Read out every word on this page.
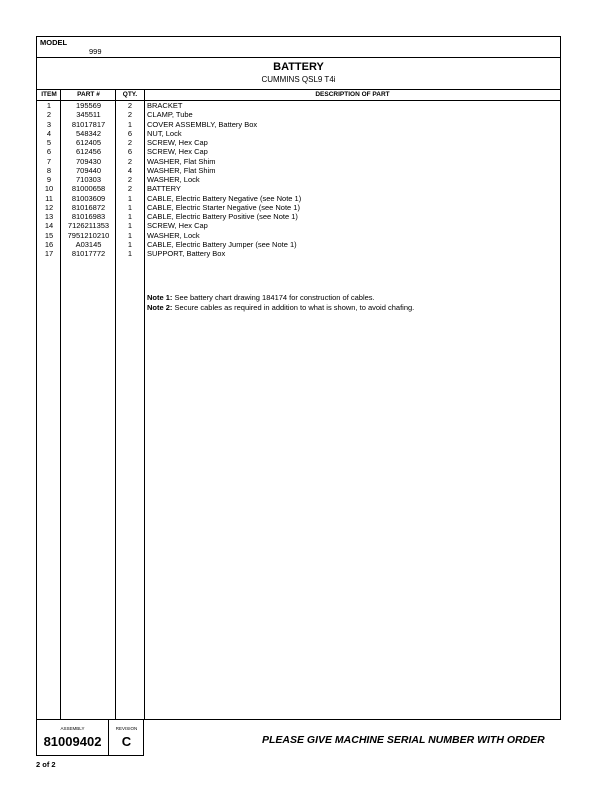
MODEL
999
BATTERY
CUMMINS QSL9 T4i
ITEM	PART #	QTY.	DESCRIPTION OF PART
1	195569	2	BRACKET
2	345511	2	CLAMP, Tube
3	81017817	1	COVER ASSEMBLY, Battery Box
4	548342	6	NUT, Lock
5	612405	2	SCREW, Hex Cap
6	612456	6	SCREW, Hex Cap
7	709430	2	WASHER, Flat Shim
8	709440	4	WASHER, Flat Shim
9	710303	2	WASHER, Lock
10	81000658	2	BATTERY
11	81003609	1	CABLE, Electric Battery Negative (see Note 1)
12	81016872	1	CABLE, Electric Starter Negative (see Note 1)
13	81016983	1	CABLE, Electric Battery Positive (see Note 1)
14	7126211353	1	SCREW, Hex Cap
15	7951210210	1	WASHER, Lock
16	A03145	1	CABLE, Electric Battery Jumper (see Note 1)
17	81017772	1	SUPPORT, Battery Box
Note 1: See battery chart drawing 184174 for construction of cables.
Note 2: Secure cables as required in addition to what is shown, to avoid chafing.
ASSEMBLY
81009402
REVISION
C	PLEASE GIVE MACHINE SERIAL NUMBER WITH ORDER
2 of 2
